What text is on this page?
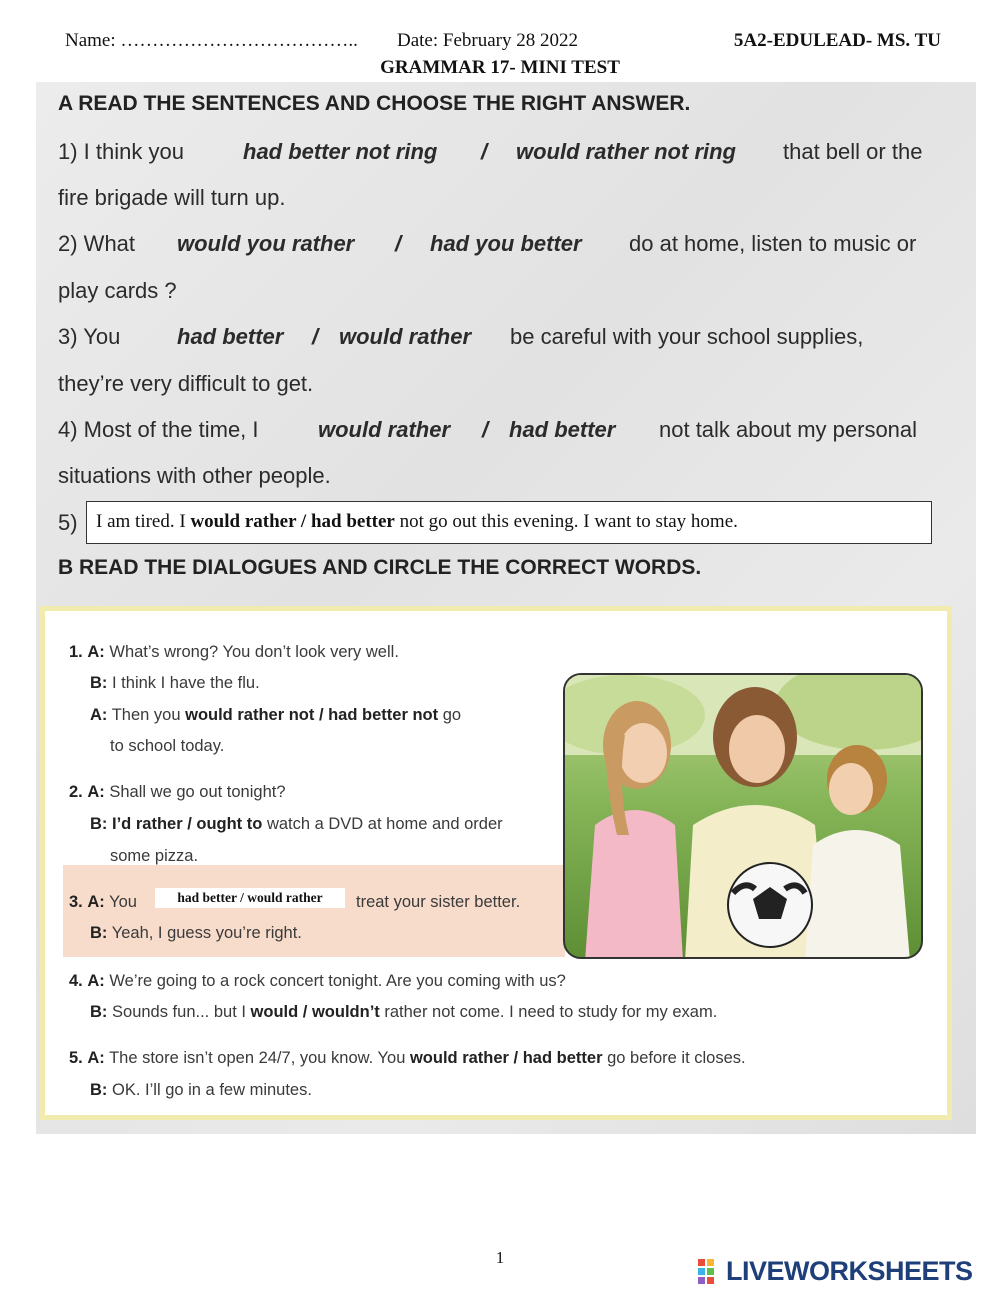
Name: ……………………………….. Date: February 28 2022	5A2-EDULEAD- MS. TU
GRAMMAR 17- MINI TEST
A READ THE SENTENCES AND CHOOSE THE RIGHT ANSWER.
1) I think you	had better not ring / would rather not ring that bell or the
fire brigade will turn up.
2) What would you rather / had you better do at home, listen to music or
play cards ?
3) You	had better / would rather be careful with your school supplies,
they’re very difficult to get.
4) Most of the time, I	would rather / had better not talk about my personal
situations with other people.
5) I am tired. I would rather / had better not go out this evening. I want to stay home.
B READ THE DIALOGUES AND CIRCLE THE CORRECT WORDS.
1. A: What’s wrong? You don’t look very well.
B: I think I have the flu.
A: Then you would rather not / had better not go
to school today.
2. A: Shall we go out tonight?
B: I’d rather / ought to watch a DVD at home and order
some pizza.
3. A: You	had better / would rather	treat your sister better.
B: Yeah, I guess you’re right.
4. A: We’re going to a rock concert tonight. Are you coming with us?
B: Sounds fun... but I would / wouldn’t rather not come. I need to study for my exam.
5. A: The store isn’t open 24/7, you know. You would rather / had better go before it closes.
B: OK. I’ll go in a few minutes.
1	LIVEWORKSHEETS
